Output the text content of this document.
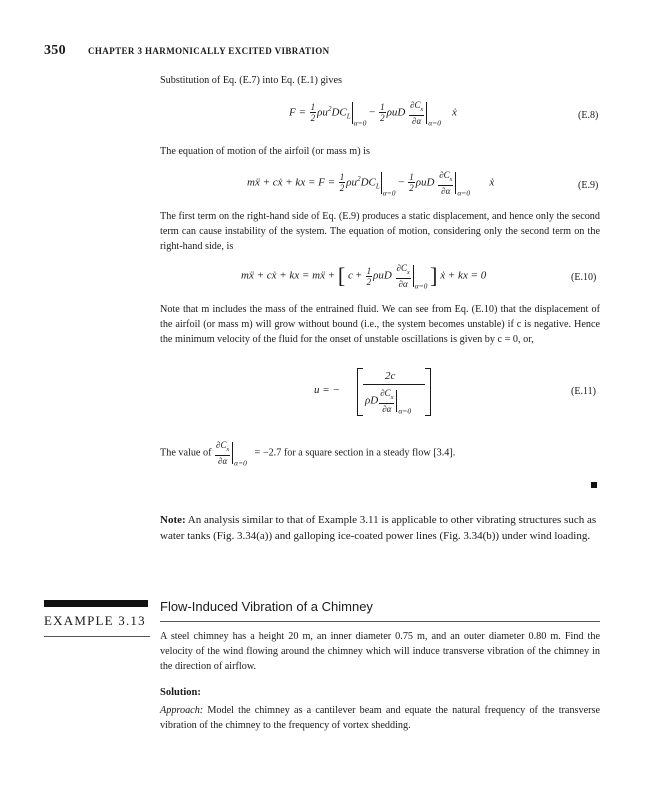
350 CHAPTER 3 HARMONICALLY EXCITED VIBRATION
Substitution of Eq. (E.7) into Eq. (E.1) gives
$F = \frac{1}{2} \rho u^2DC_{L\alpha=0} - \frac{1}{2}$ ρuD $\frac{\partial C_x}{\partial\alpha} _{\alpha=0}$    ẋ	(E.8)
The equation of motion of the airfoil (or mass m) is
mẍ + cẋ + kx = $F = \frac{1}{2} \rho u^2DC_{L\alpha=0} - \frac{1}{2}$ ρuD $\frac{\partial C_x}{\partial\alpha} _{\alpha=0}$       ẋ	(E.9)
The first term on the right-hand side of Eq. (E.9) produces a static displacement, and hence only the second term can cause instability of the system. The equation of motion, considering only the second term on the right-hand side, is
mẍ + cẋ + kx = mẍ + [ $c + \frac{1}{2}$ ρuD $\frac{\partial C_x}{\partial\alpha} _{\alpha=0}$ ] ẋ + kx = 0	(E.10)
Note that m includes the mass of the entrained fluid. We can see from Eq. (E.10) that the displacement of the airfoil (or mass m) will grow without bound (i.e., the system becomes unstable) if c is negative. Hence the minimum velocity of the fluid for the onset of unstable oscillations is given by c = 0, or,
u = −
2c
ρD $\frac{\partial C_x}{\partial\alpha} _{\alpha=0}$
(E.11)
The value of $\frac{\partial C_x}{\partial\alpha} _{\alpha=0} = -2.7$ for a square section in a steady flow [3.4].
Note: An analysis similar to that of Example 3.11 is applicable to other vibrating structures such as water tanks (Fig. 3.34(a)) and galloping ice-coated power lines (Fig. 3.34(b)) under wind loading.
EXAMPLE 3.13
Flow-Induced Vibration of a Chimney
A steel chimney has a height 20 m, an inner diameter 0.75 m, and an outer diameter 0.80 m. Find the velocity of the wind flowing around the chimney which will induce transverse vibration of the chimney in the direction of airflow.
Solution:
Approach: Model the chimney as a cantilever beam and equate the natural frequency of the transverse vibration of the chimney to the frequency of vortex shedding.
